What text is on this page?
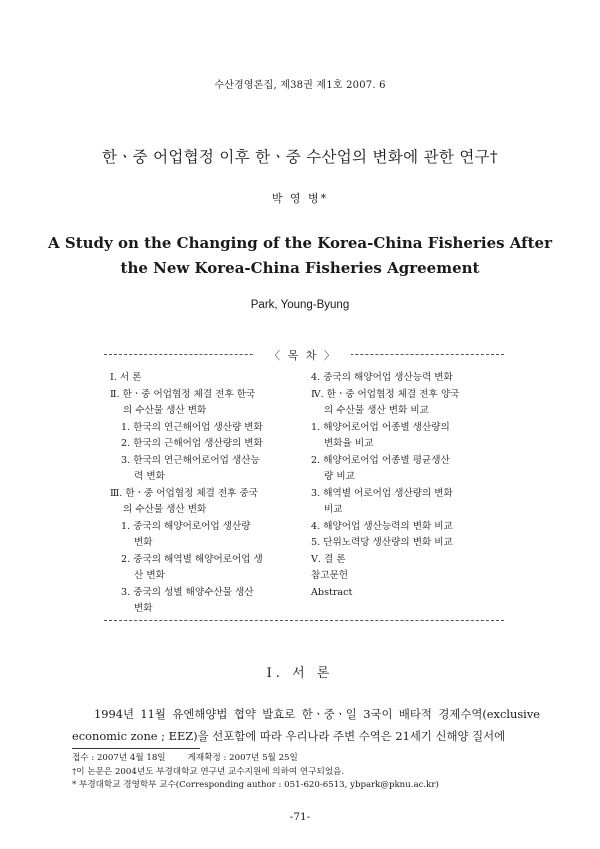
수산경영론집, 제38권 제1호 2007. 6
한ㆍ중 어업협정 이후 한ㆍ중 수산업의 변화에 관한 연구†
박 영 병*
A Study on the Changing of the Korea-China Fisheries After
the New Korea-China Fisheries Agreement
Park, Young-Byung
〈 목 차 〉
Ⅰ. 서 론
Ⅱ. 한ㆍ중 어업협정 체결 전후 한국
의 수산물 생산 변화
1. 한국의 연근해어업 생산량 변화
2. 한국의 근해어업 생산량의 변화
3. 한국의 연근해어로어업 생산능
력 변화
Ⅲ. 한ㆍ중 어업협정 체결 전후 중국
의 수산물 생산 변화
1. 중국의 해양어로어업 생산량
변화
2. 중국의 해역별 해양어로어업 생
산 변화
3. 중국의 성별 해양수산물 생산
변화
4. 중국의 해양어업 생산능력 변화
Ⅳ. 한ㆍ중 어업협정 체결 전후 양국
의 수산물 생산 변화 비교
1. 해양어로어업 어종별 생산량의
변화율 비교
2. 해양어로어업 어종별 평균생산
량 비교
3. 해역별 어로어업 생산량의 변화
비교
4. 해양어업 생산능력의 변화 비교
5. 단위노력당 생산량의 변화 비교
Ⅴ. 결 론
참고문헌
Abstract
Ⅰ. 서 론
1994년 11월 유엔해양법 협약 발효로 한ㆍ중ㆍ일 3국이 배타적 경제수역(exclusive economic zone ; EEZ)을 선포함에 따라 우리나라 주변 수역은 21세기 신해양 질서에
접수 : 2007년 4월 18일	게재확정 : 2007년 5월 25일
†이 논문은 2004년도 부경대학교 연구년 교수지원에 의하여 연구되었음.
* 부경대학교 경영학부 교수(Corresponding author : 051-620-6513, ybpark@pknu.ac.kr)
-71-
